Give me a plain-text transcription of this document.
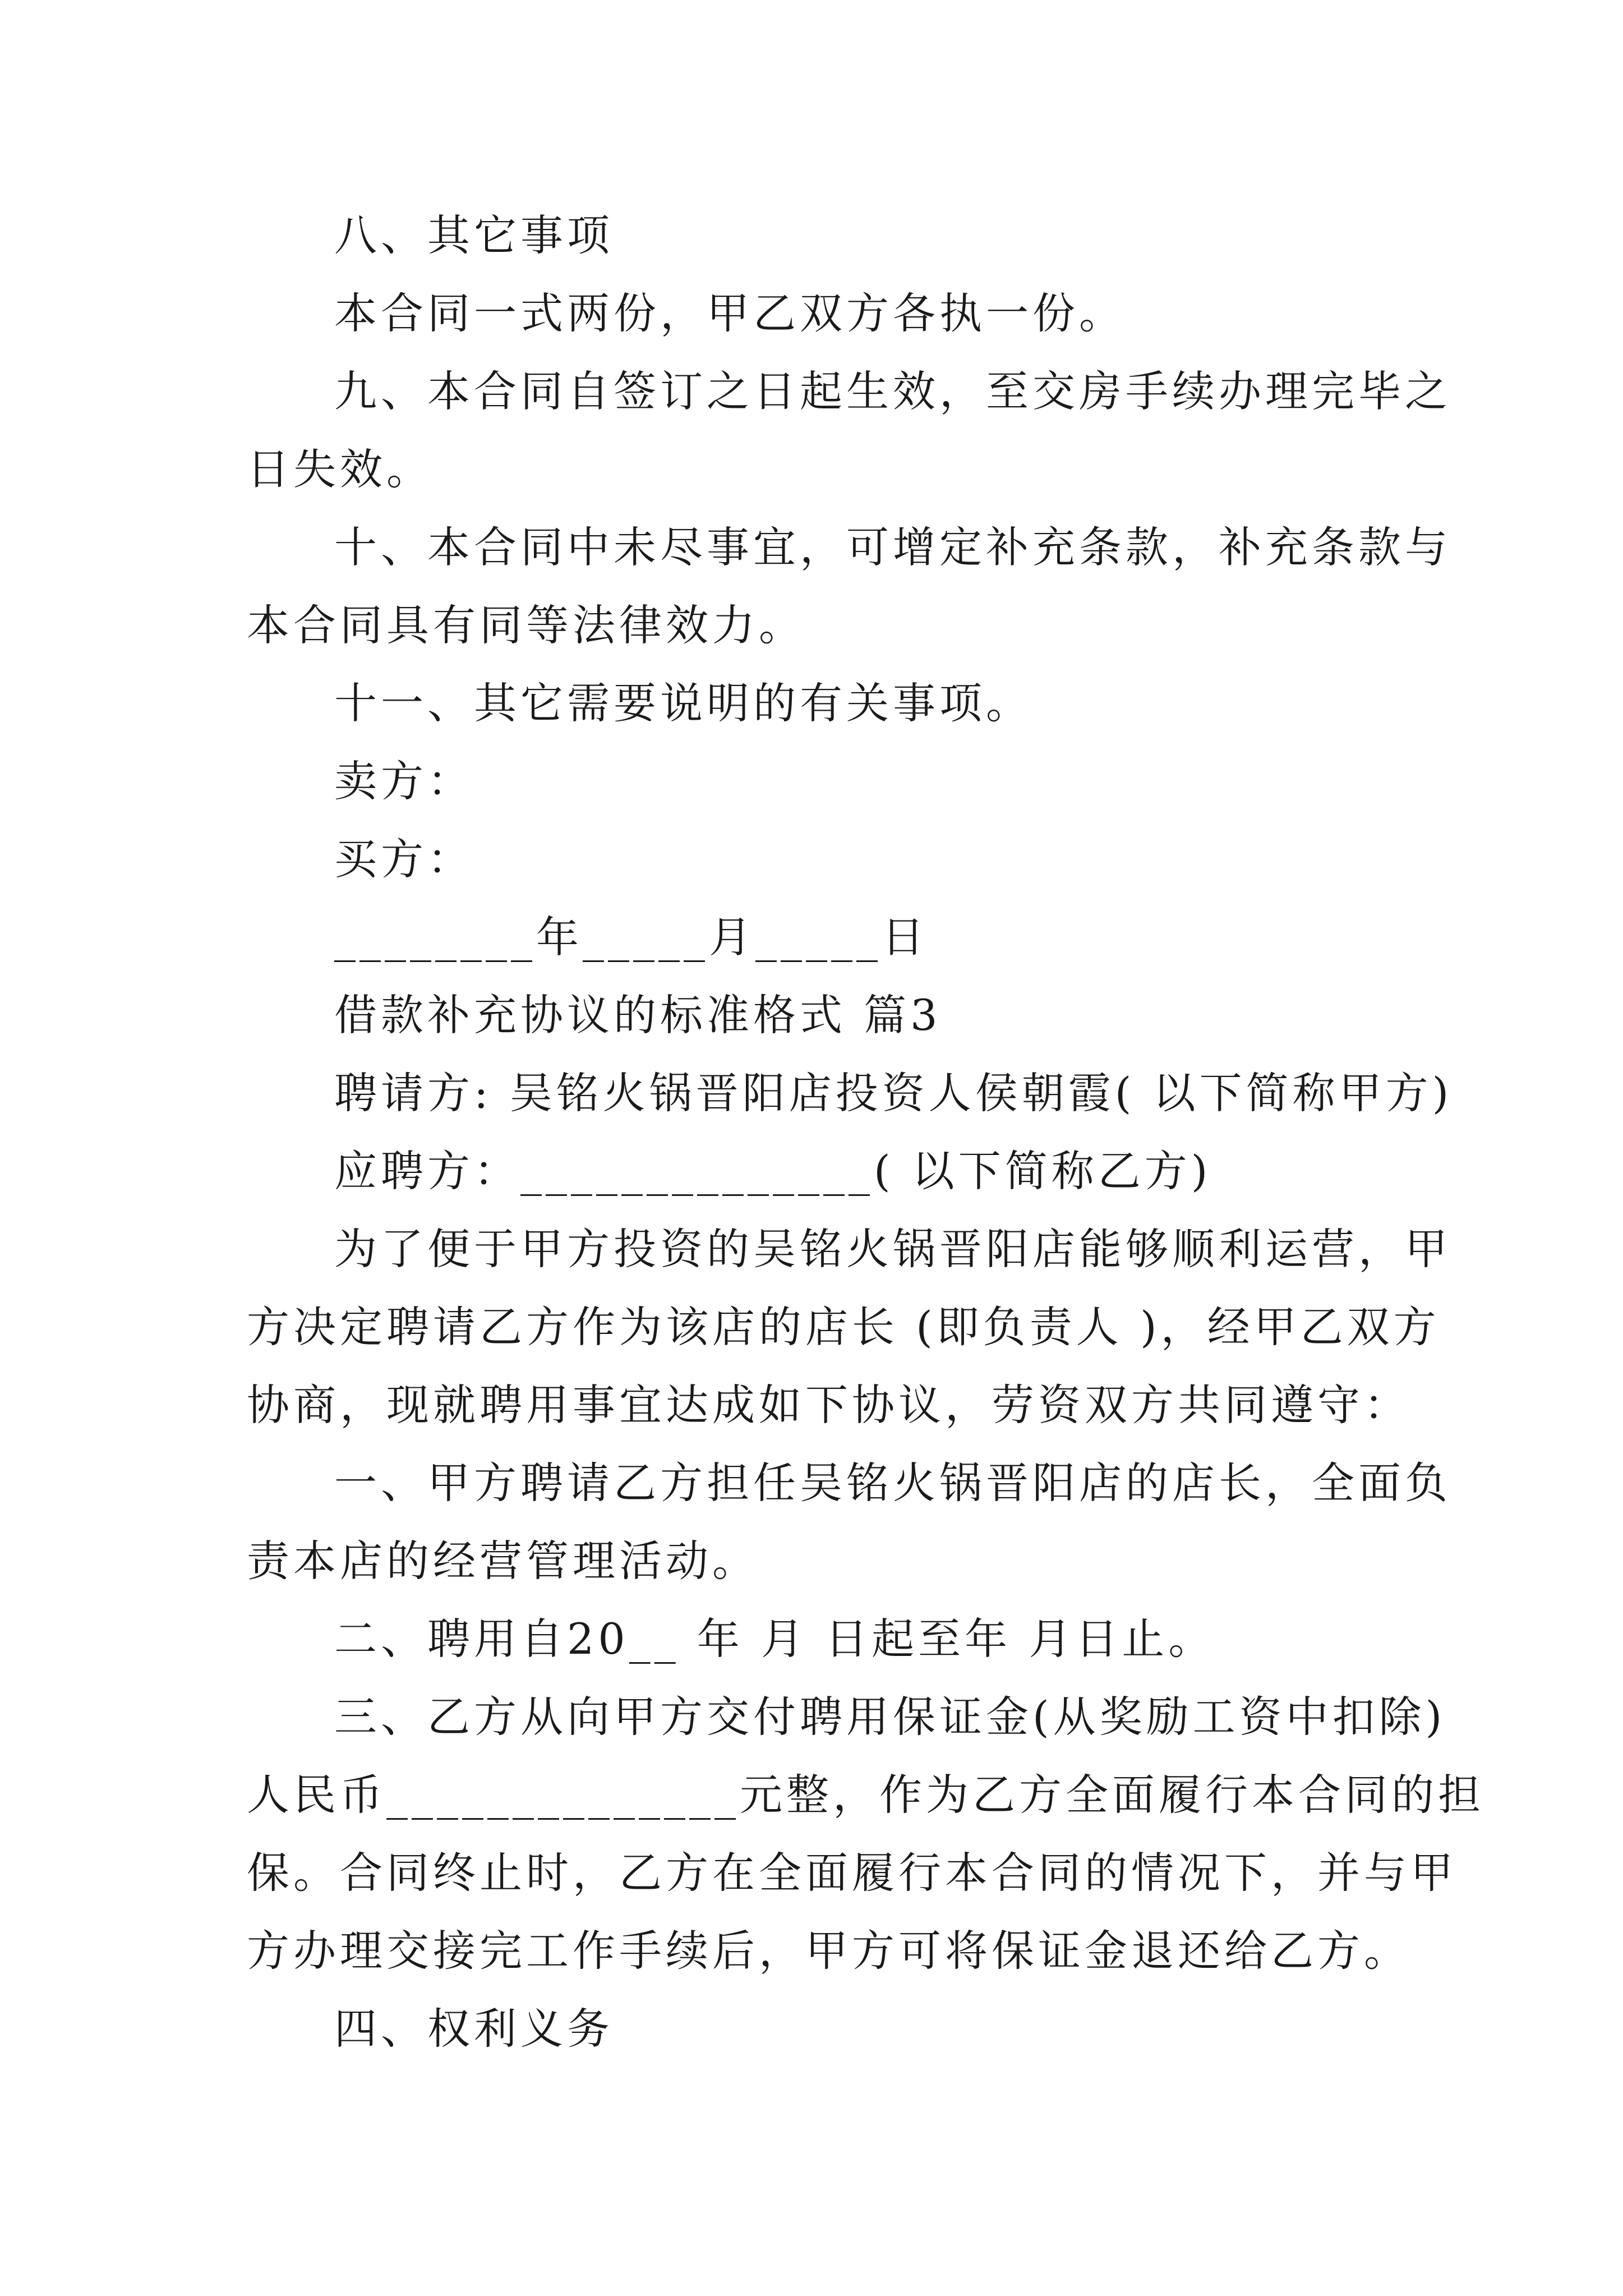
八、其它事项
本合同一式两份，甲乙双方各执一份。
九、本合同自签订之日起生效，至交房手续办理完毕之
日失效。
十、本合同中未尽事宜，可增定补充条款，补充条款与
本合同具有同等法律效力。
十一、其它需要说明的有关事项。
卖方：
买方：
________年_____月_____日
借款补充协议的标准格式 篇3
聘请方: 吴铭火锅晋阳店投资人侯朝霞( 以下简称甲方)
应聘方：______________( 以下简称乙方)
为了便于甲方投资的吴铭火锅晋阳店能够顺利运营，甲
方决定聘请乙方作为该店的店长 (即负责人 )，经甲乙双方
协商，现就聘用事宜达成如下协议，劳资双方共同遵守：
一、甲方聘请乙方担任吴铭火锅晋阳店的店长，全面负
责本店的经营管理活动。
二、聘用自20__ 年 月 日起至年 月日止。
三、乙方从向甲方交付聘用保证金(从奖励工资中扣除)
人民币______________元整，作为乙方全面履行本合同的担
保。合同终止时，乙方在全面履行本合同的情况下，并与甲
方办理交接完工作手续后，甲方可将保证金退还给乙方。
四、权利义务
